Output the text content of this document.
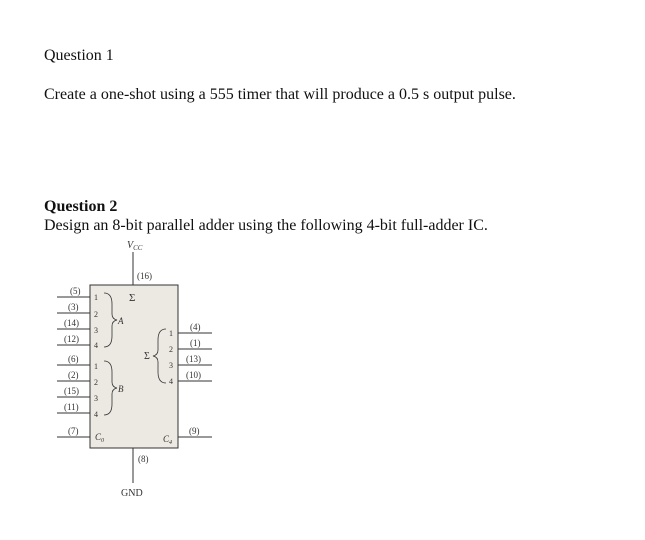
Question 1
Create a one-shot using a 555 timer that will produce a 0.5 s output pulse.
Question 2
Design an 8-bit parallel adder using the following 4-bit full-adder IC.
$V_{CC}$
(16)
Σ
(8)
GND
(5)
(3)
(14)
(12)
1
2
3
4
A
(6)
(2)
(15)
(11)
1
2
3
4
B
(7)
$C_0$
(4)
(1)
(13)
(10)
1
2
3
4
Σ
(9)
$C_4$
